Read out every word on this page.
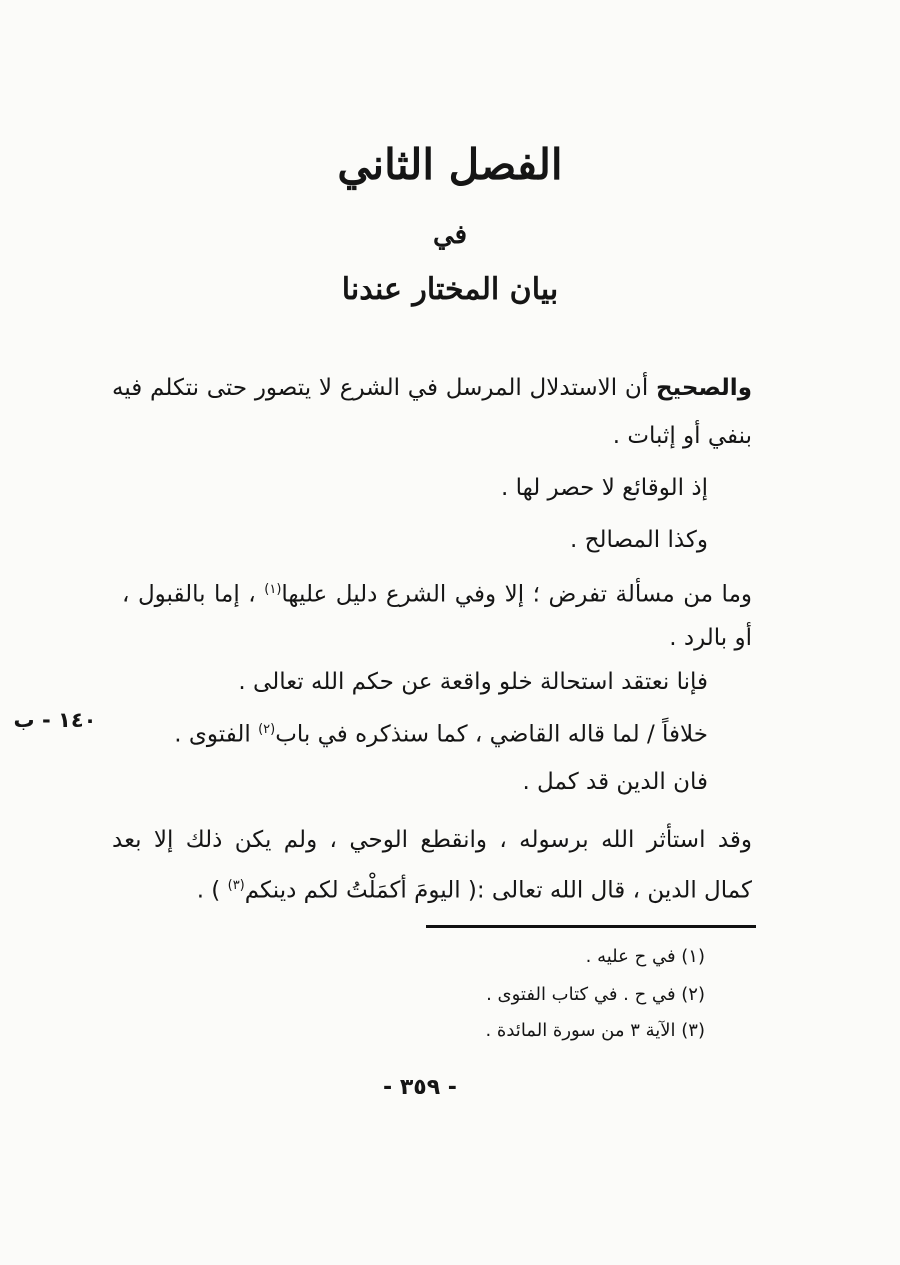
الفصل الثاني
في
بيان المختار عندنا
والصحيح أن الاستدلال المرسل في الشرع لا يتصور حتى نتكلم فيه
بنفي أو إثبات .
إذ الوقائع لا حصر لها .
وكذا المصالح .
وما من مسألة تفرض ؛ إلا وفي الشرع دليل عليها$^{(١)}$ ، إما بالقبول ،
أو بالرد .
فإنا نعتقد استحالة خلو واقعة عن حكم الله تعالى .
خلافاً / لما قاله القاضي ، كما سنذكره في باب$^{(٢)}$ الفتوى .
فان الدين قد كمل .
وقد استأثر الله برسوله ، وانقطع الوحي ، ولم يكن ذلك إلا بعد
كمال الدين ، قال الله تعالى :( اليومَ أكمَلْتُ لكم دينكم$^{(٣)}$ ) .
١٤٠ - ب
(١) في ح عليه .
(٢) في ح . في كتاب الفتوى .
(٣) الآية ٣ من سورة المائدة .
- ٣٥٩ -
